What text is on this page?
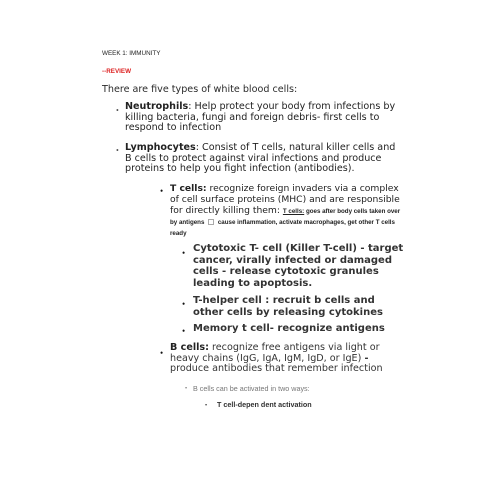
WEEK 1: IMMUNITY
--REVIEW
There are five types of white blood cells:
• Neutrophils: Help protect your body from infections by killing bacteria, fungi and foreign debris- first cells to respond to infection
• Lymphocytes: Consist of T cells, natural killer cells and B cells to protect against viral infections and produce proteins to help you fight infection (antibodies).
• T cells: recognize foreign invaders via a complex of cell surface proteins (MHC) and are responsible for directly killing them: T cells: goes after body cells taken over by antigens cause inflammation, activate macrophages, get other T cells ready
• Cytotoxic T- cell (Killer T-cell) - target cancer, virally infected or damaged cells - release cytotoxic granules leading to apoptosis.
• T-helper cell : recruit b cells and other cells by releasing cytokines
• Memory t cell- recognize antigens
• B cells: recognize free antigens via light or heavy chains (IgG, IgA, IgM, IgD, or IgE) - produce antibodies that remember infection
• B cells can be activated in two ways:
• T cell-depen dent activation
